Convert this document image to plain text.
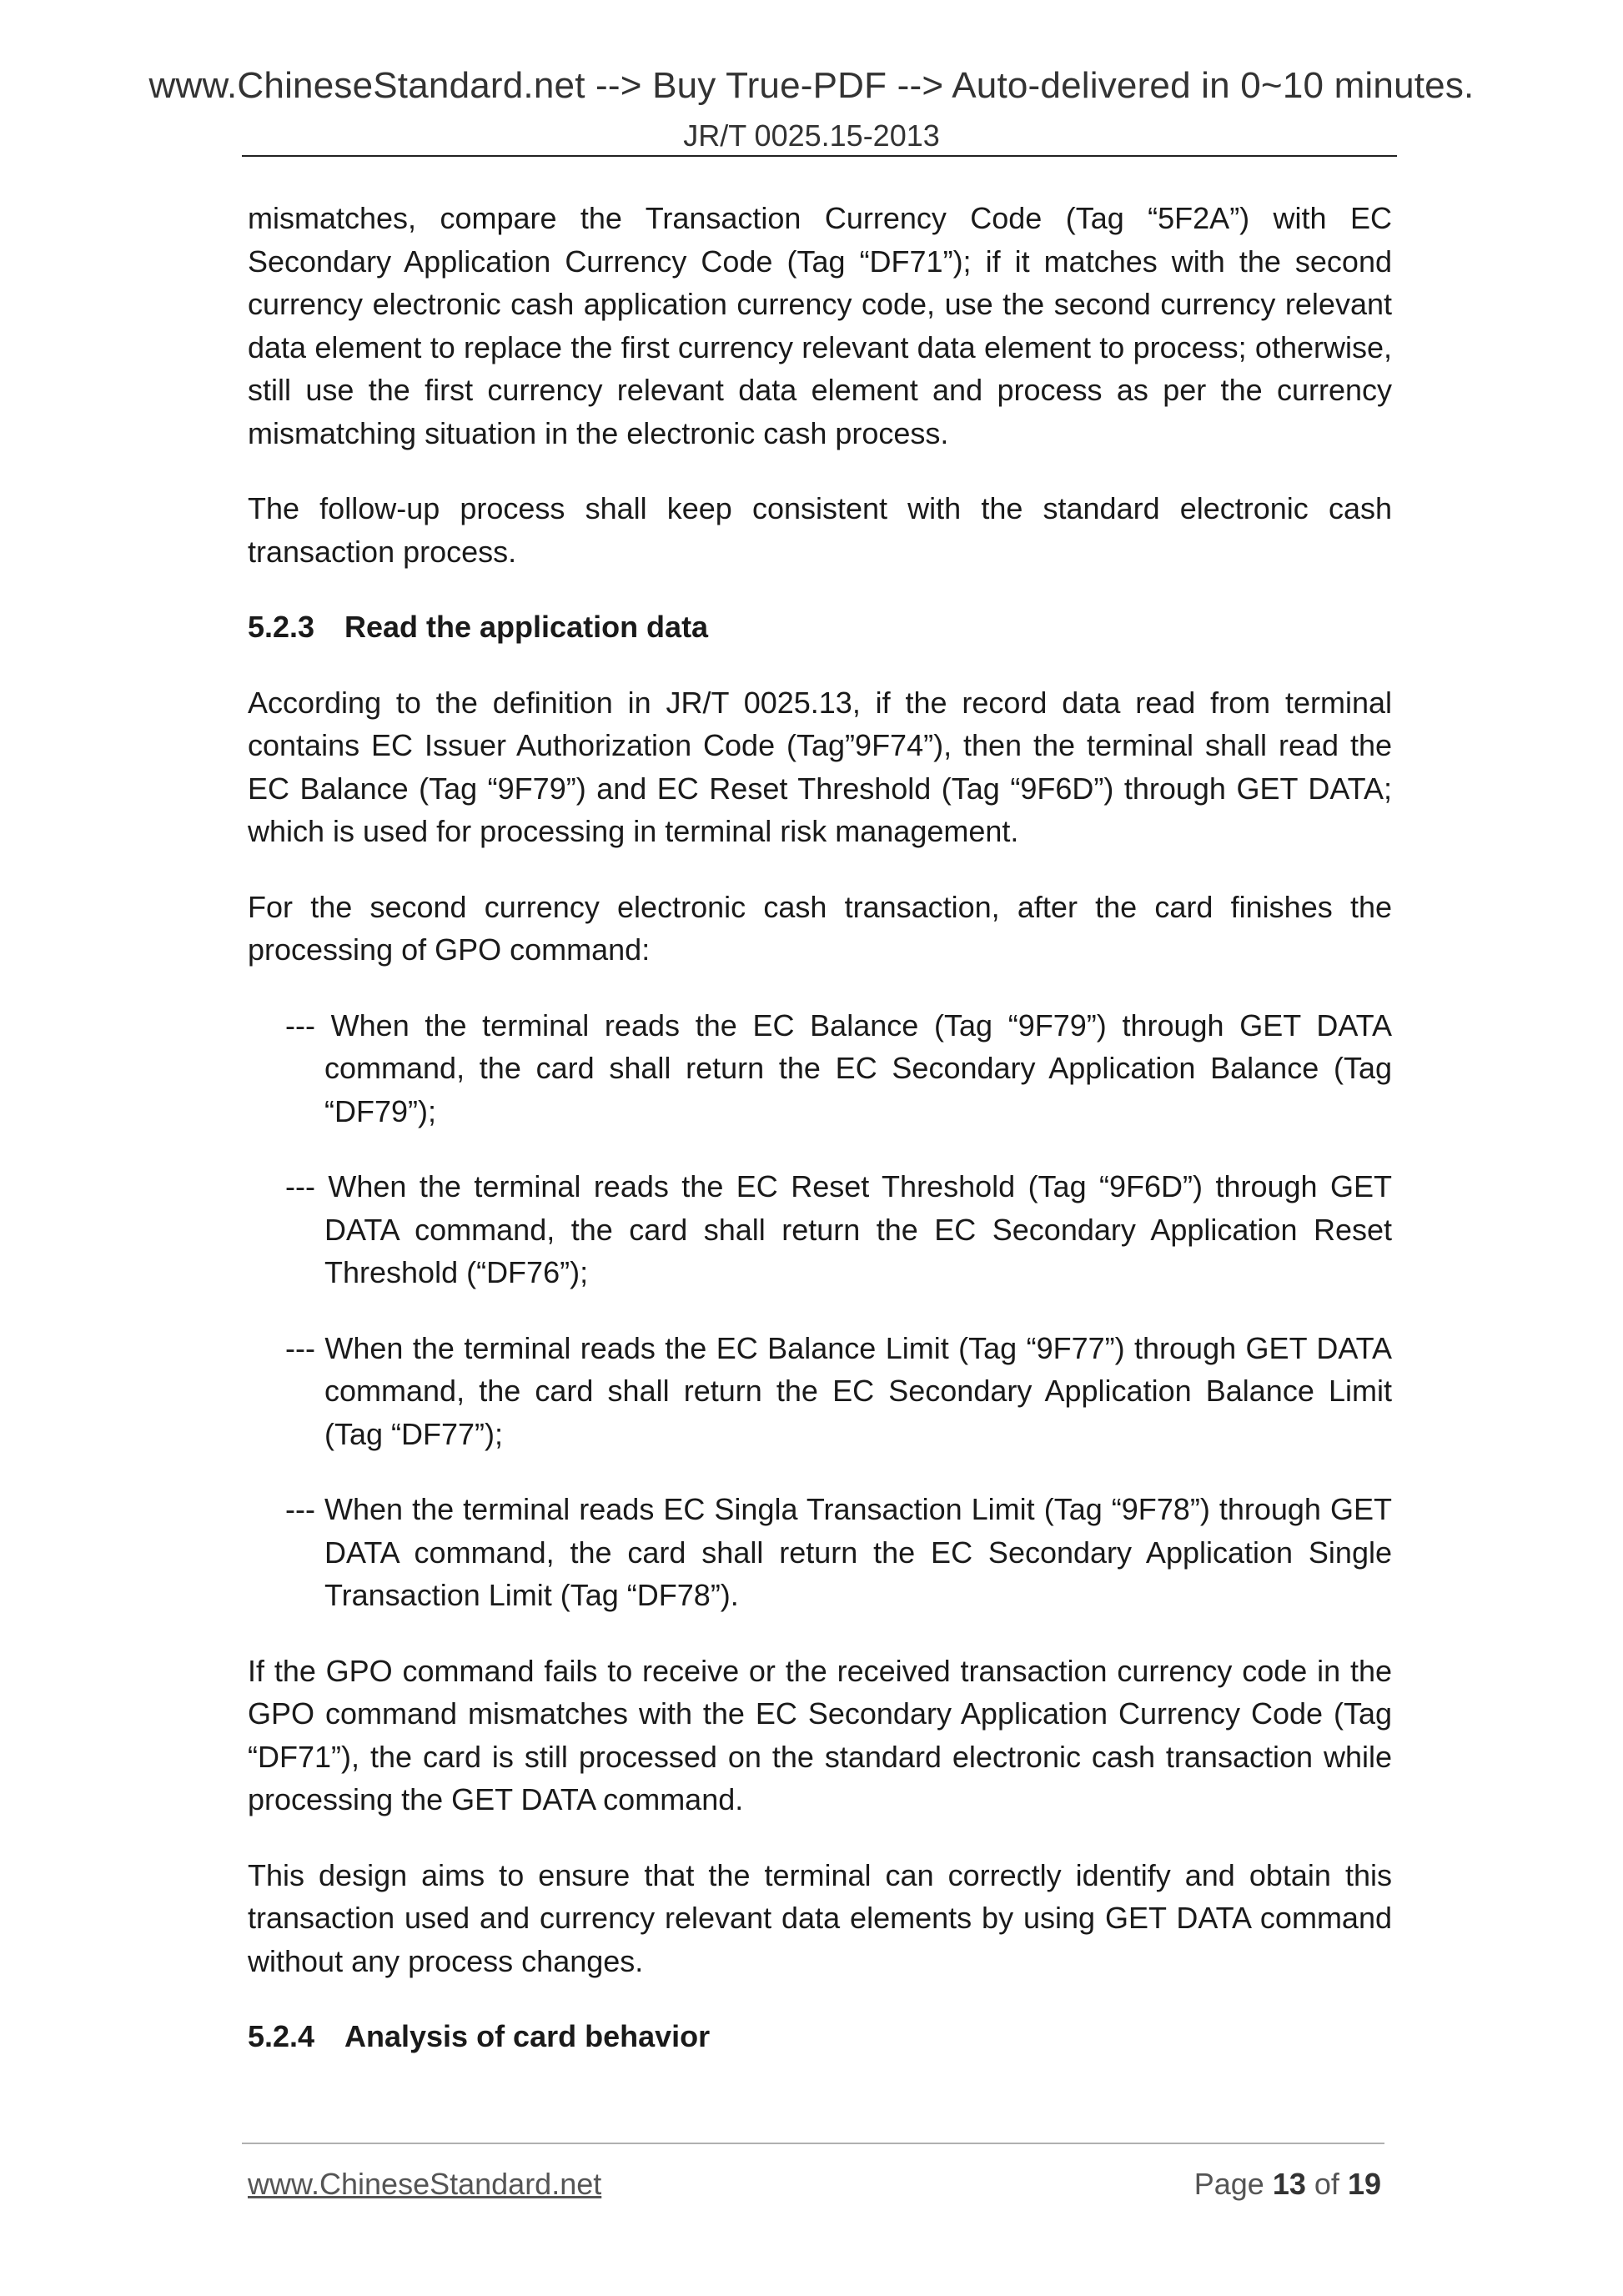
www.ChineseStandard.net --> Buy True-PDF --> Auto-delivered in 0~10 minutes.
JR/T 0025.15-2013

mismatches, compare the Transaction Currency Code (Tag “5F2A”) with EC Secondary Application Currency Code (Tag “DF71”); if it matches with the second currency electronic cash application currency code, use the second currency relevant data element to replace the first currency relevant data element to process; otherwise, still use the first currency relevant data element and process as per the currency mismatching situation in the electronic cash process.

The follow-up process shall keep consistent with the standard electronic cash transaction process.

5.2.3 Read the application data

According to the definition in JR/T 0025.13, if the record data read from terminal contains EC Issuer Authorization Code (Tag”9F74”), then the terminal shall read the EC Balance (Tag “9F79”) and EC Reset Threshold (Tag “9F6D”) through GET DATA; which is used for processing in terminal risk management.

For the second currency electronic cash transaction, after the card finishes the processing of GPO command:

--- When the terminal reads the EC Balance (Tag “9F79”) through GET DATA command, the card shall return the EC Secondary Application Balance (Tag “DF79”);
--- When the terminal reads the EC Reset Threshold (Tag “9F6D”) through GET DATA command, the card shall return the EC Secondary Application Reset Threshold (“DF76”);
--- When the terminal reads the EC Balance Limit (Tag “9F77”) through GET DATA command, the card shall return the EC Secondary Application Balance Limit (Tag “DF77”);
--- When the terminal reads EC Singla Transaction Limit (Tag “9F78”) through GET DATA command, the card shall return the EC Secondary Application Single Transaction Limit (Tag “DF78”).

If the GPO command fails to receive or the received transaction currency code in the GPO command mismatches with the EC Secondary Application Currency Code (Tag “DF71”), the card is still processed on the standard electronic cash transaction while processing the GET DATA command.

This design aims to ensure that the terminal can correctly identify and obtain this transaction used and currency relevant data elements by using GET DATA command without any process changes.

5.2.4 Analysis of card behavior
www.ChineseStandard.net	Page 13 of 19
